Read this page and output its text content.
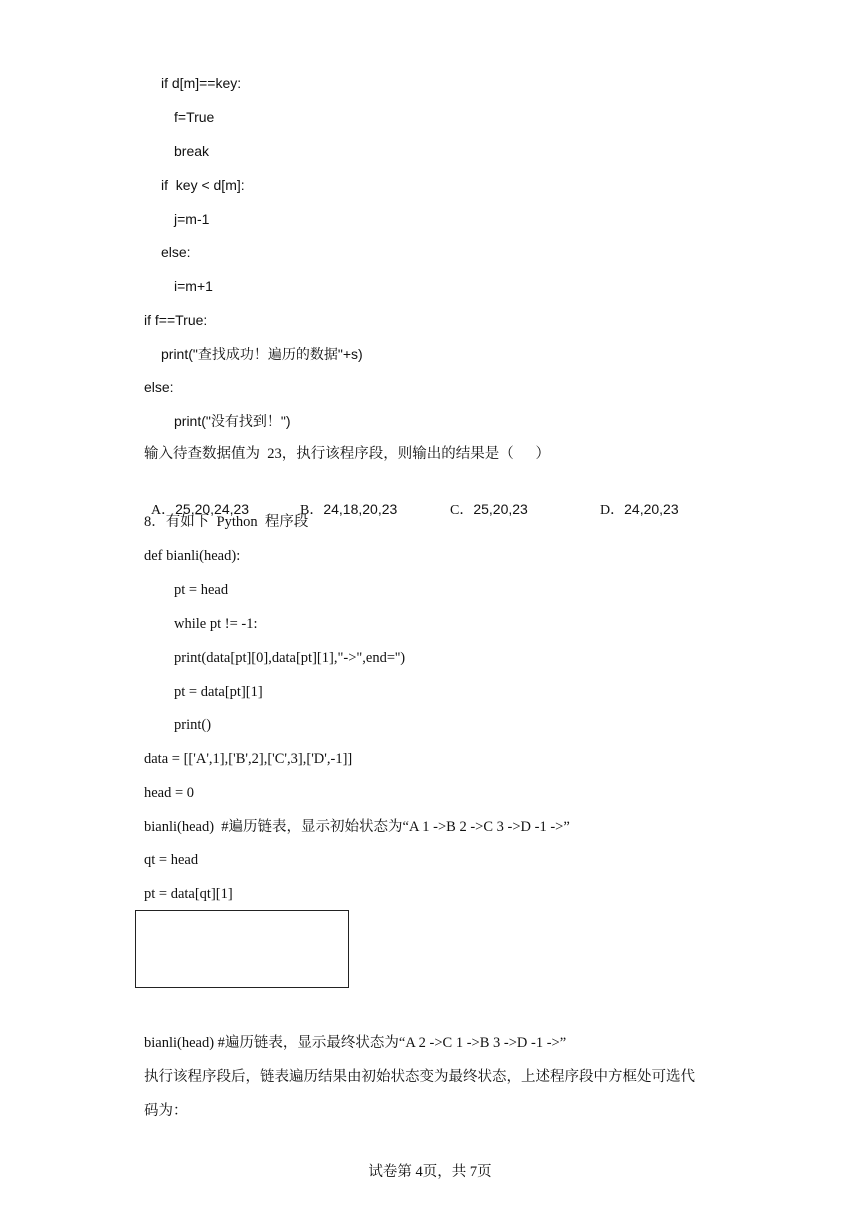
if d[m]==key:
f=True
break
if  key < d[m]:
j=m-1
else:
i=m+1
if f==True:
print("查找成功！遍历的数据"+s)
else:
print("没有找到！")
输入待查数据值为  23，执行该程序段，则输出的结果是（      ）

A．25,20,24,23	B．24,18,20,23	C．25,20,23	D．24,20,23

8．有如下  Python  程序段
def bianli(head):
pt = head
while pt != -1:
print(data[pt][0],data[pt][1],"->",end='')
pt = data[pt][1]
print()
data = [['A',1],['B',2],['C',3],['D',-1]]
head = 0
bianli(head)  #遍历链表，显示初始状态为“A 1 ->B 2 ->C 3 ->D -1 ->”
qt = head
pt = data[qt][1]
bianli(head) #遍历链表，显示最终状态为“A 2 ->C 1 ->B 3 ->D -1 ->”
执行该程序段后，链表遍历结果由初始状态变为最终状态，上述程序段中方框处可选代
码为：
试卷第 4页，共 7页
